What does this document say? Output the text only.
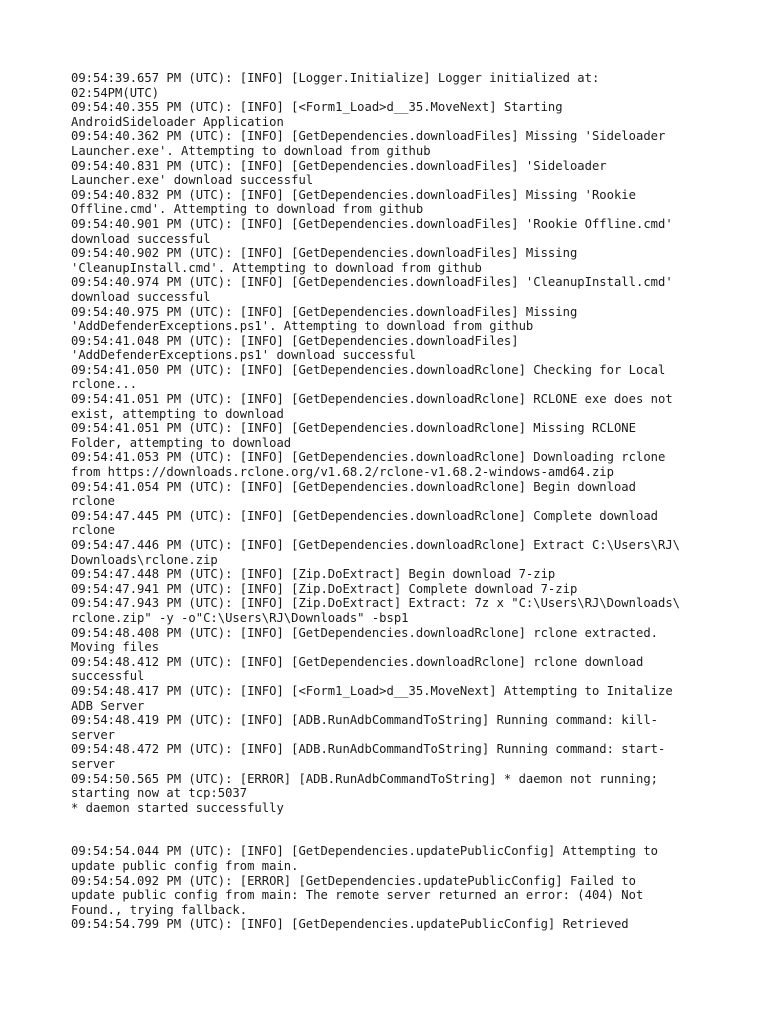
09:54:39.657 PM (UTC): [INFO] [Logger.Initialize] Logger initialized at:
02:54PM(UTC)
09:54:40.355 PM (UTC): [INFO] [<Form1_Load>d__35.MoveNext] Starting
AndroidSideloader Application
09:54:40.362 PM (UTC): [INFO] [GetDependencies.downloadFiles] Missing 'Sideloader
Launcher.exe'. Attempting to download from github
09:54:40.831 PM (UTC): [INFO] [GetDependencies.downloadFiles] 'Sideloader
Launcher.exe' download successful
09:54:40.832 PM (UTC): [INFO] [GetDependencies.downloadFiles] Missing 'Rookie
Offline.cmd'. Attempting to download from github
09:54:40.901 PM (UTC): [INFO] [GetDependencies.downloadFiles] 'Rookie Offline.cmd'
download successful
09:54:40.902 PM (UTC): [INFO] [GetDependencies.downloadFiles] Missing
'CleanupInstall.cmd'. Attempting to download from github
09:54:40.974 PM (UTC): [INFO] [GetDependencies.downloadFiles] 'CleanupInstall.cmd'
download successful
09:54:40.975 PM (UTC): [INFO] [GetDependencies.downloadFiles] Missing
'AddDefenderExceptions.ps1'. Attempting to download from github
09:54:41.048 PM (UTC): [INFO] [GetDependencies.downloadFiles]
'AddDefenderExceptions.ps1' download successful
09:54:41.050 PM (UTC): [INFO] [GetDependencies.downloadRclone] Checking for Local
rclone...
09:54:41.051 PM (UTC): [INFO] [GetDependencies.downloadRclone] RCLONE exe does not
exist, attempting to download
09:54:41.051 PM (UTC): [INFO] [GetDependencies.downloadRclone] Missing RCLONE
Folder, attempting to download
09:54:41.053 PM (UTC): [INFO] [GetDependencies.downloadRclone] Downloading rclone
from https://downloads.rclone.org/v1.68.2/rclone-v1.68.2-windows-amd64.zip
09:54:41.054 PM (UTC): [INFO] [GetDependencies.downloadRclone] Begin download
rclone
09:54:47.445 PM (UTC): [INFO] [GetDependencies.downloadRclone] Complete download
rclone
09:54:47.446 PM (UTC): [INFO] [GetDependencies.downloadRclone] Extract C:\Users\RJ\
Downloads\rclone.zip
09:54:47.448 PM (UTC): [INFO] [Zip.DoExtract] Begin download 7-zip
09:54:47.941 PM (UTC): [INFO] [Zip.DoExtract] Complete download 7-zip
09:54:47.943 PM (UTC): [INFO] [Zip.DoExtract] Extract: 7z x "C:\Users\RJ\Downloads\
rclone.zip" -y -o"C:\Users\RJ\Downloads" -bsp1
09:54:48.408 PM (UTC): [INFO] [GetDependencies.downloadRclone] rclone extracted.
Moving files
09:54:48.412 PM (UTC): [INFO] [GetDependencies.downloadRclone] rclone download
successful
09:54:48.417 PM (UTC): [INFO] [<Form1_Load>d__35.MoveNext] Attempting to Initalize
ADB Server
09:54:48.419 PM (UTC): [INFO] [ADB.RunAdbCommandToString] Running command: kill-
server
09:54:48.472 PM (UTC): [INFO] [ADB.RunAdbCommandToString] Running command: start-
server
09:54:50.565 PM (UTC): [ERROR] [ADB.RunAdbCommandToString] * daemon not running;
starting now at tcp:5037
* daemon started successfully
09:54:54.044 PM (UTC): [INFO] [GetDependencies.updatePublicConfig] Attempting to
update public config from main.
09:54:54.092 PM (UTC): [ERROR] [GetDependencies.updatePublicConfig] Failed to
update public config from main: The remote server returned an error: (404) Not
Found., trying fallback.
09:54:54.799 PM (UTC): [INFO] [GetDependencies.updatePublicConfig] Retrieved
